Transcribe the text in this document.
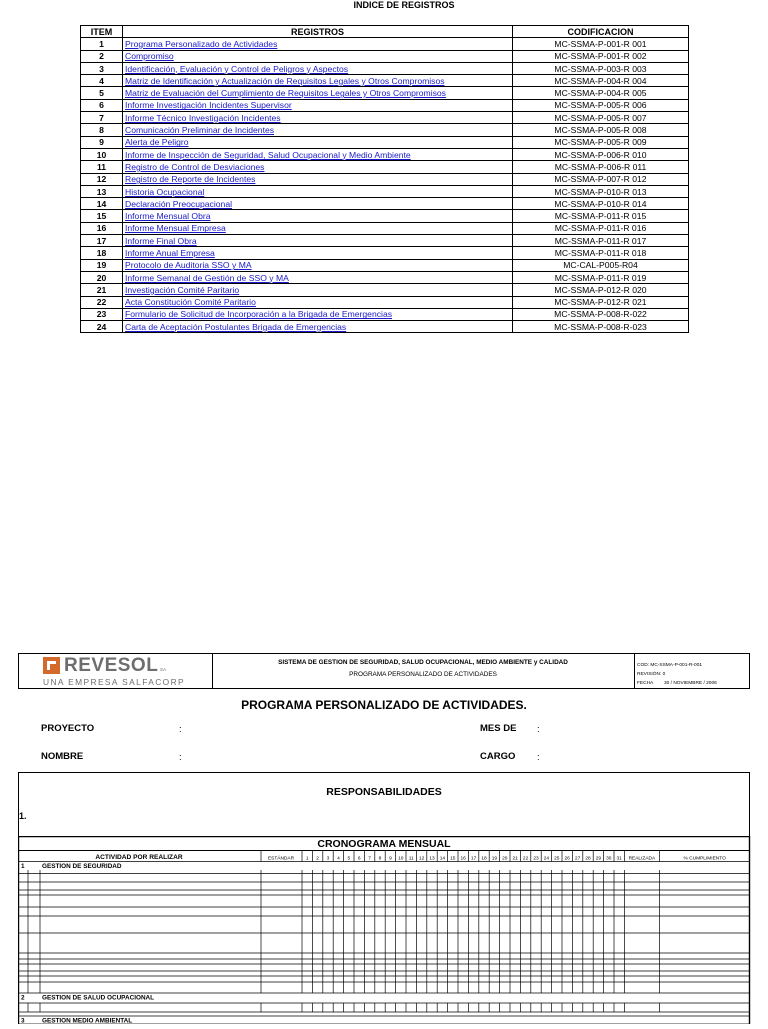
INDICE DE REGISTROS
ITEM	REGISTROS	CODIFICACION
1	Programa Personalizado de Actividades	MC-SSMA-P-001-R 001
2	Compromiso	MC-SSMA-P-001-R 002
3	Identificación, Evaluación y Control de Peligros y Aspectos	MC-SSMA-P-003-R 003
4	Matriz de Identificación y Actualización de Requisitos Legales y Otros Compromisos	MC-SSMA-P-004-R 004
5	Matriz de Evaluación del Cumplimiento de Requisitos Legales y Otros Compromisos	MC-SSMA-P-004-R 005
6	Informe Investigación Incidentes Supervisor	MC-SSMA-P-005-R 006
7	Informe Técnico Investigación Incidentes	MC-SSMA-P-005-R 007
8	Comunicación Preliminar de Incidentes	MC-SSMA-P-005-R 008
9	Alerta de Peligro	MC-SSMA-P-005-R 009
10	Informe de Inspección de Seguridad, Salud Ocupacional y Medio Ambiente	MC-SSMA-P-006-R 010
11	Registro de Control de Desviaciones	MC-SSMA-P-006-R 011
12	Registro de Reporte de Incidentes	MC-SSMA-P-007-R 012
13	Historia Ocupacional	MC-SSMA-P-010-R 013
14	Declaración Preocupacional	MC-SSMA-P-010-R 014
15	Informe Mensual Obra	MC-SSMA-P-011-R 015
16	Informe Mensual Empresa	MC-SSMA-P-011-R 016
17	Informe Final Obra	MC-SSMA-P-011-R 017
18	Informe Anual Empresa	MC-SSMA-P-011-R 018
19	Protocolo de Auditoria SSO y MA	MC-CAL-P005-R04
20	Informe Semanal de Gestión de SSO y MA	MC-SSMA-P-011-R 019
21	Investigación Comité Paritario	MC-SSMA-P-012-R 020
22	Acta Constitución Comité Paritario	MC-SSMA-P-012-R 021
23	Formulario de Solicitud de Incorporación a la Brigada de Emergencias	MC-SSMA-P-008-R-022
24	Carta de Aceptación Postulantes Brigada de Emergencias	MC-SSMA-P-008-R-023
REVESOL SA
UNA EMPRESA SALFACORP
SISTEMA DE GESTION DE SEGURIDAD, SALUD OCUPACIONAL, MEDIO AMBIENTE y CALIDAD
PROGRAMA PERSONALIZADO DE ACTIVIDADES
COD: MC-SSMA-P-001-R-001
REVISIÓN: 0
FECHA 30 / NOVIEMBRE / 2006
PROGRAMA PERSONALIZADO DE ACTIVIDADES.
PROYECTO	:	MES DE :
NOMBRE	:	CARGO :
RESPONSABILIDADES
1.
CRONOGRAMA MENSUAL
ACTIVIDAD POR REALIZAR	ESTÁNDAR 1 2 3 4 5 6 7 8 9 10 11 12 13 14 15 16 17 18 19 20 21 22 23 24 25 26 27 28 29 30 31 REALIZADA	% CUMPLIMIENTO
1	GESTION DE SEGURIDAD
2	GESTION DE SALUD OCUPACIONAL
3	GESTION MEDIO AMBIENTAL
